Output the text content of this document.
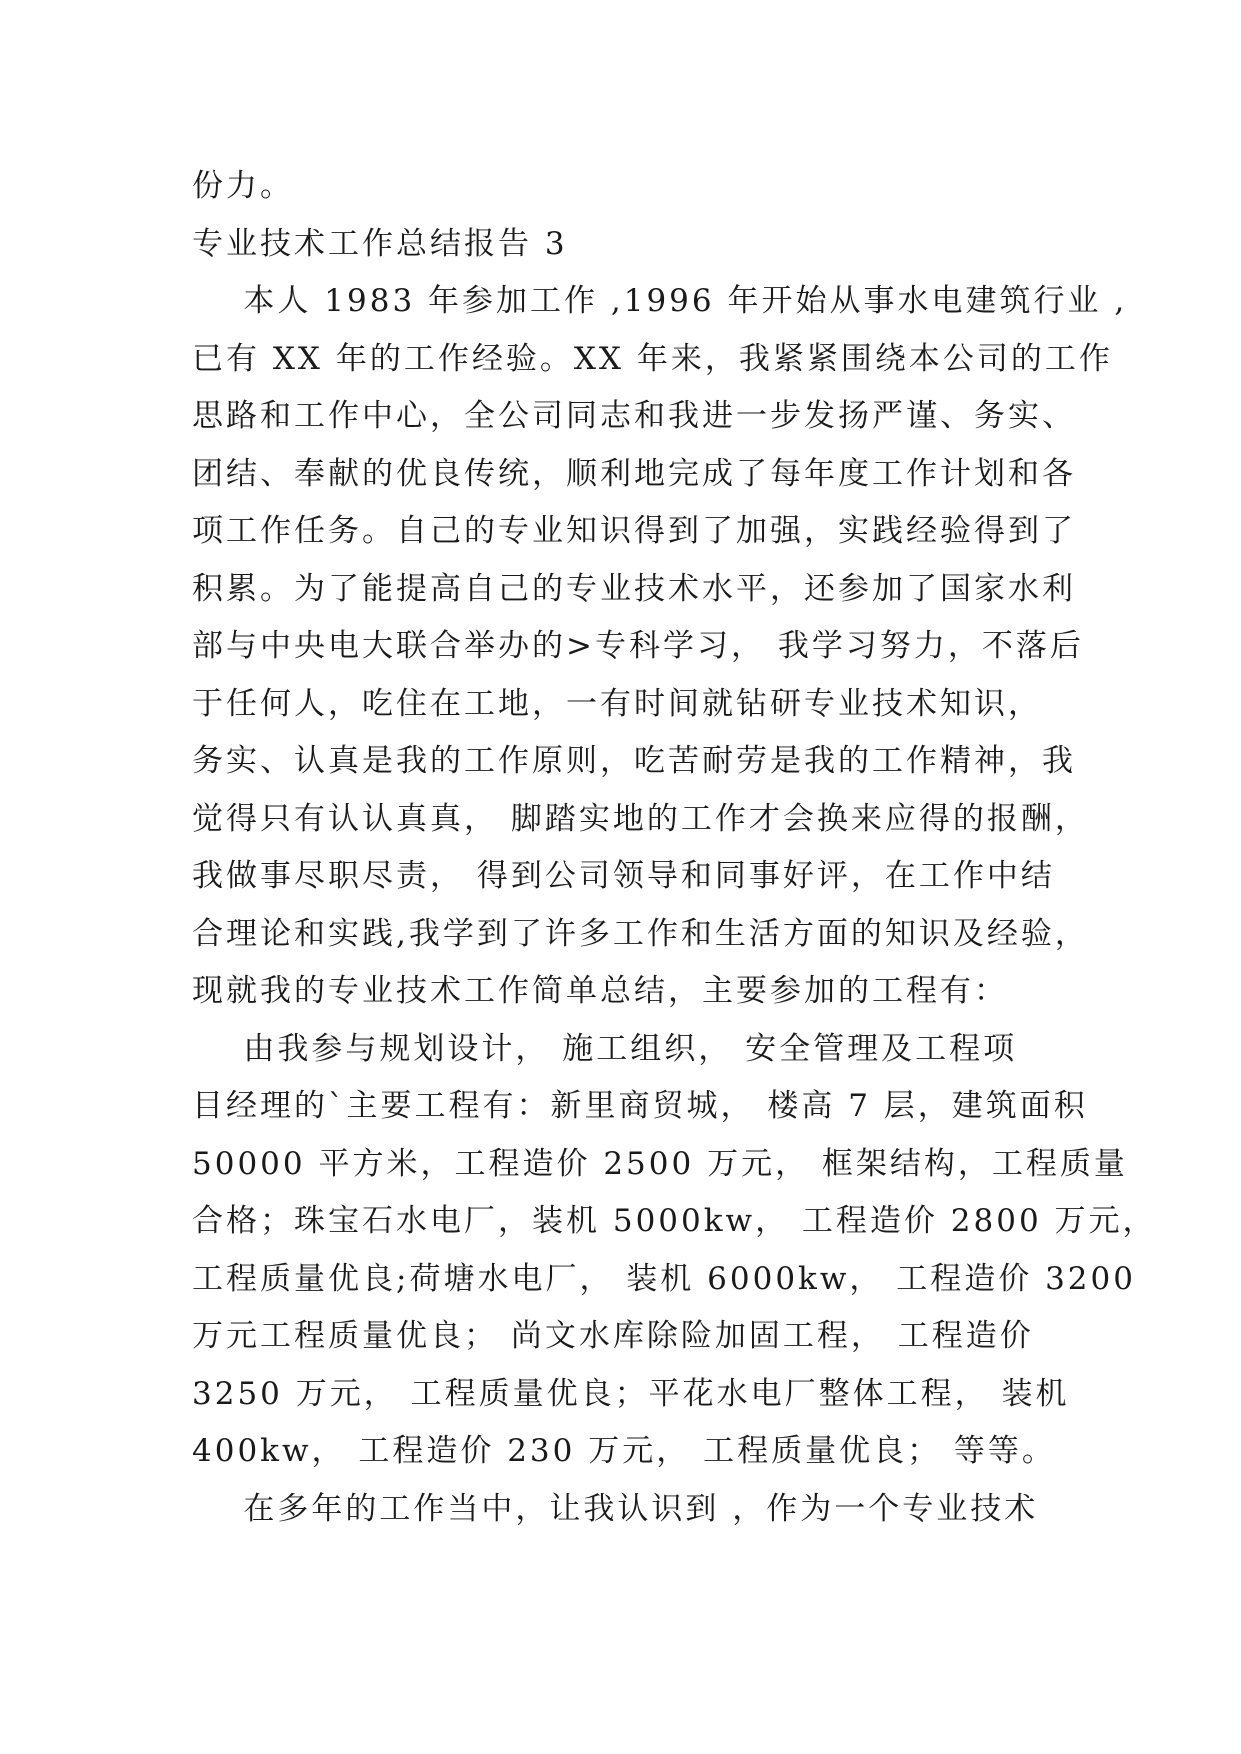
份力。
专业技术工作总结报告 3
本人 1983 年参加工作 ,1996 年开始从事水电建筑行业 ,
已有 XX 年的工作经验。XX 年来，我紧紧围绕本公司的工作
思路和工作中心，全公司同志和我进一步发扬严谨、务实、
团结、奉献的优良传统，顺利地完成了每年度工作计划和各
项工作任务。自己的专业知识得到了加强，实践经验得到了
积累。为了能提高自己的专业技术水平，还参加了国家水利
部与中央电大联合举办的>专科学习， 我学习努力，不落后
于任何人，吃住在工地，一有时间就钻研专业技术知识，
务实、认真是我的工作原则，吃苦耐劳是我的工作精神，我
觉得只有认认真真， 脚踏实地的工作才会换来应得的报酬，
我做事尽职尽责， 得到公司领导和同事好评，在工作中结
合理论和实践,我学到了许多工作和生活方面的知识及经验，
现就我的专业技术工作简单总结，主要参加的工程有：
由我参与规划设计， 施工组织， 安全管理及工程项
目经理的`主要工程有：新里商贸城， 楼高 7 层，建筑面积
50000 平方米，工程造价 2500 万元， 框架结构，工程质量
合格；珠宝石水电厂，装机 5000kw， 工程造价 2800 万元，
工程质量优良;荷塘水电厂， 装机 6000kw， 工程造价 3200
万元工程质量优良； 尚文水库除险加固工程， 工程造价
3250 万元， 工程质量优良；平花水电厂整体工程， 装机
400kw， 工程造价 230 万元， 工程质量优良； 等等。
在多年的工作当中，让我认识到 ，作为一个专业技术
